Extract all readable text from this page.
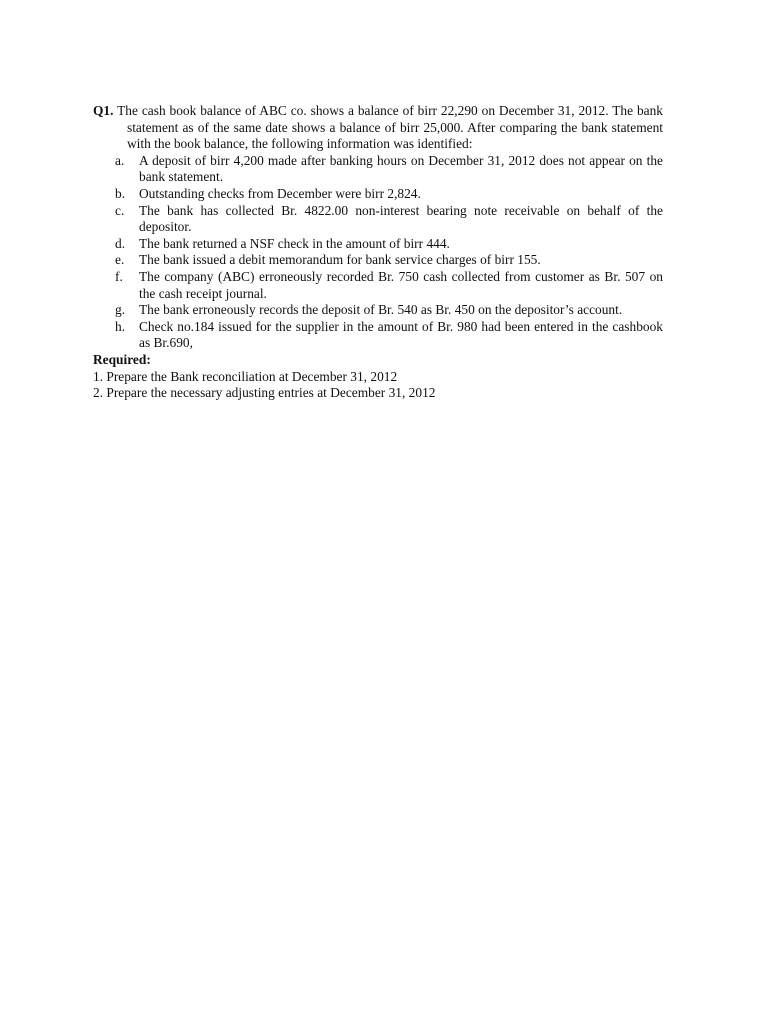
Q1. The cash book balance of ABC co. shows a balance of birr 22,290 on December 31, 2012. The bank statement as of the same date shows a balance of birr 25,000. After comparing the bank statement with the book balance, the following information was identified:

a. A deposit of birr 4,200 made after banking hours on December 31, 2012 does not appear on the bank statement.
b. Outstanding checks from December were birr 2,824.
c. The bank has collected Br. 4822.00 non-interest bearing note receivable on behalf of the depositor.
d. The bank returned a NSF check in the amount of birr 444.
e. The bank issued a debit memorandum for bank service charges of birr 155.
f. The company (ABC) erroneously recorded Br. 750 cash collected from customer as Br. 507 on the cash receipt journal.
g. The bank erroneously records the deposit of Br. 540 as Br. 450 on the depositor’s account.
h. Check no.184 issued for the supplier in the amount of Br. 980 had been entered in the cashbook as Br.690,

Required:

1. Prepare the Bank reconciliation at December 31, 2012

2. Prepare the necessary adjusting entries at December 31, 2012
